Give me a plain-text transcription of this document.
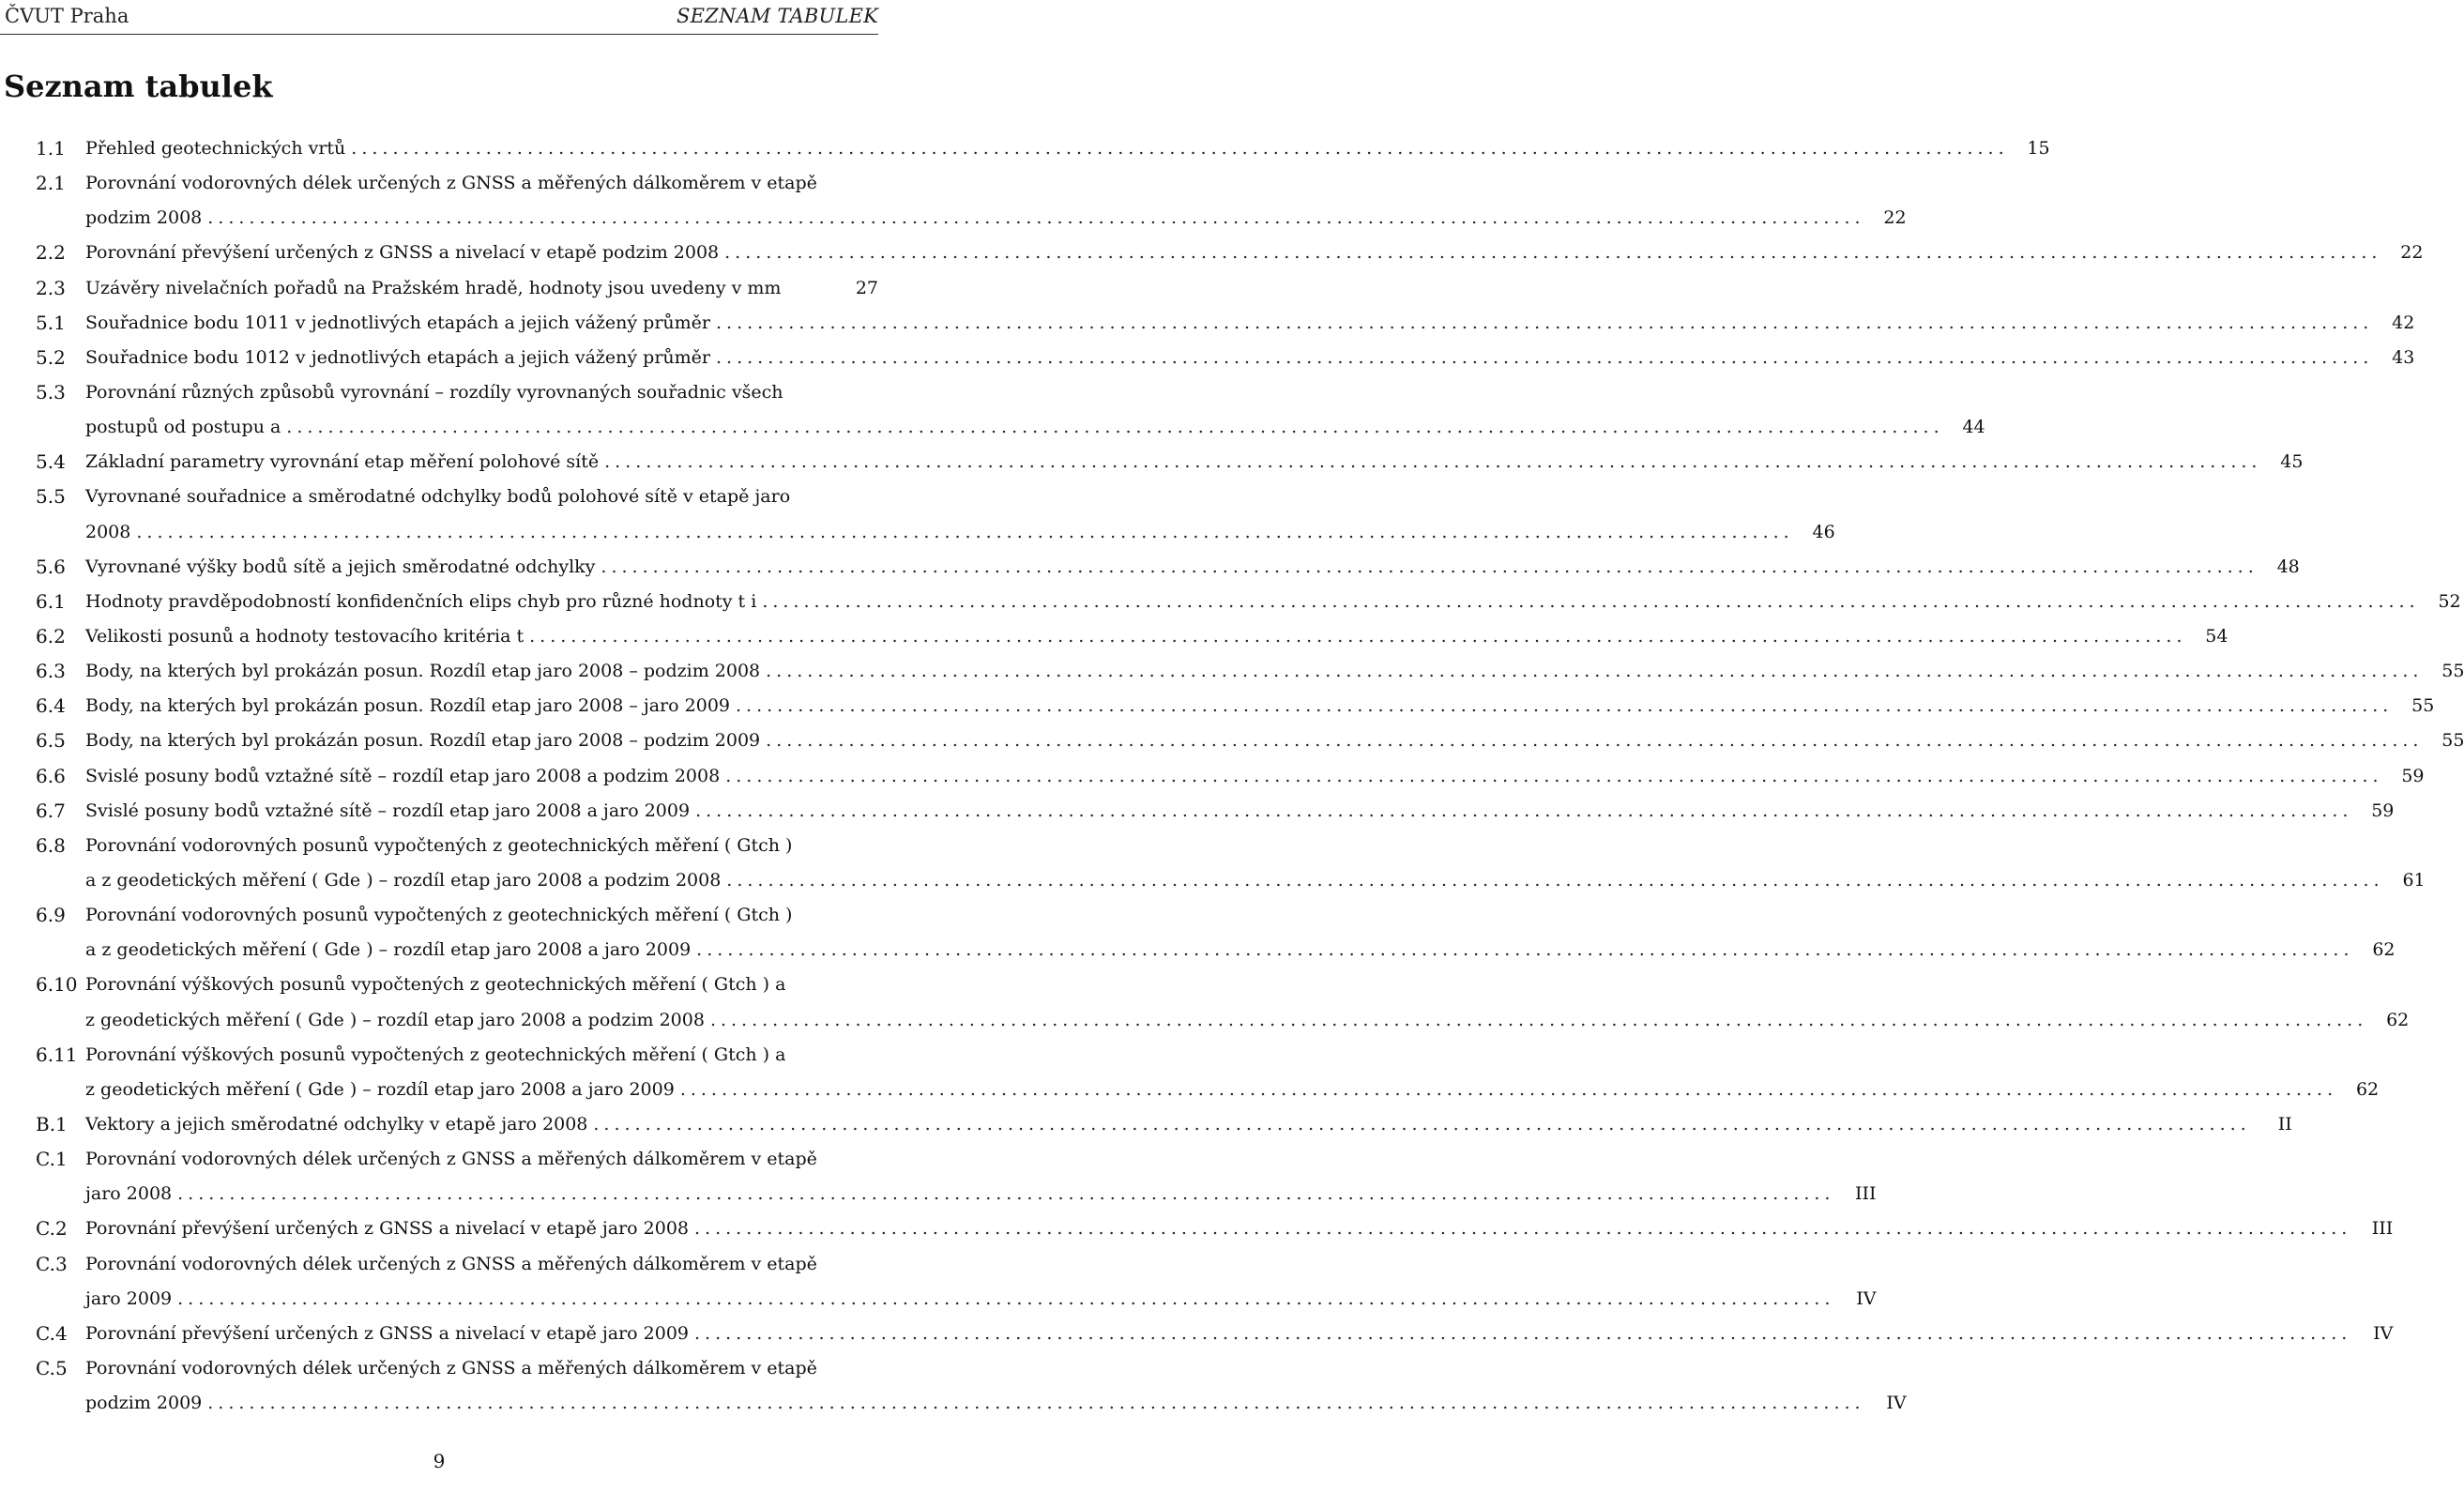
ČVUT Praha	SEZNAM TABULEK
Seznam tabulek
1.1 Přehled geotechnických vrtů ................................................................................................................................................................	15
2.1 Porovnání vodorovných délek určených z GNSS a měřených dálkoměrem v etapě
podzim 2008 ................................................................................................................................................................	22
2.2 Porovnání převýšení určených z GNSS a nivelací v etapě podzim 2008 ................................................................................................................................................................	22
2.3 Uzávěry nivelačních pořadů na Pražském hradě, hodnoty jsou uvedeny v mm	27
5.1 Souřadnice bodu 1011 v jednotlivých etapách a jejich vážený průměr ................................................................................................................................................................	42
5.2 Souřadnice bodu 1012 v jednotlivých etapách a jejich vážený průměr ................................................................................................................................................................	43
5.3 Porovnání různých způsobů vyrovnání – rozdíly vyrovnaných souřadnic všech
postupů od postupu a ................................................................................................................................................................	44
5.4 Základní parametry vyrovnání etap měření polohové sítě ................................................................................................................................................................	45
5.5 Vyrovnané souřadnice a směrodatné odchylky bodů polohové sítě v etapě jaro
2008 ................................................................................................................................................................	46
5.6 Vyrovnané výšky bodů sítě a jejich směrodatné odchylky ................................................................................................................................................................	48
6.1 Hodnoty pravděpodobností konfidenčních elips chyb pro různé hodnoty t i ................................................................................................................................................................	52
6.2 Velikosti posunů a hodnoty testovacího kritéria t ................................................................................................................................................................	54
6.3 Body, na kterých byl prokázán posun. Rozdíl etap jaro 2008 – podzim 2008 ................................................................................................................................................................	55
6.4 Body, na kterých byl prokázán posun. Rozdíl etap jaro 2008 – jaro 2009 ................................................................................................................................................................	55
6.5 Body, na kterých byl prokázán posun. Rozdíl etap jaro 2008 – podzim 2009 ................................................................................................................................................................	55
6.6 Svislé posuny bodů vztažné sítě – rozdíl etap jaro 2008 a podzim 2008 ................................................................................................................................................................	59
6.7 Svislé posuny bodů vztažné sítě – rozdíl etap jaro 2008 a jaro 2009 ................................................................................................................................................................	59
6.8 Porovnání vodorovných posunů vypočtených z geotechnických měření ( Gtch )
a z geodetických měření ( Gde ) – rozdíl etap jaro 2008 a podzim 2008 ................................................................................................................................................................	61
6.9 Porovnání vodorovných posunů vypočtených z geotechnických měření ( Gtch )
a z geodetických měření ( Gde ) – rozdíl etap jaro 2008 a jaro 2009 ................................................................................................................................................................	62
6.10 Porovnání výškových posunů vypočtených z geotechnických měření ( Gtch ) a
z geodetických měření ( Gde ) – rozdíl etap jaro 2008 a podzim 2008 ................................................................................................................................................................	62
6.11 Porovnání výškových posunů vypočtených z geotechnických měření ( Gtch ) a
z geodetických měření ( Gde ) – rozdíl etap jaro 2008 a jaro 2009 ................................................................................................................................................................	62
B.1 Vektory a jejich směrodatné odchylky v etapě jaro 2008 ................................................................................................................................................................	II
C.1 Porovnání vodorovných délek určených z GNSS a měřených dálkoměrem v etapě
jaro 2008 ................................................................................................................................................................	III
C.2 Porovnání převýšení určených z GNSS a nivelací v etapě jaro 2008 ................................................................................................................................................................	III
C.3 Porovnání vodorovných délek určených z GNSS a měřených dálkoměrem v etapě
jaro 2009 ................................................................................................................................................................	IV
C.4 Porovnání převýšení určených z GNSS a nivelací v etapě jaro 2009 ................................................................................................................................................................	IV
C.5 Porovnání vodorovných délek určených z GNSS a měřených dálkoměrem v etapě
podzim 2009 ................................................................................................................................................................	IV
9
